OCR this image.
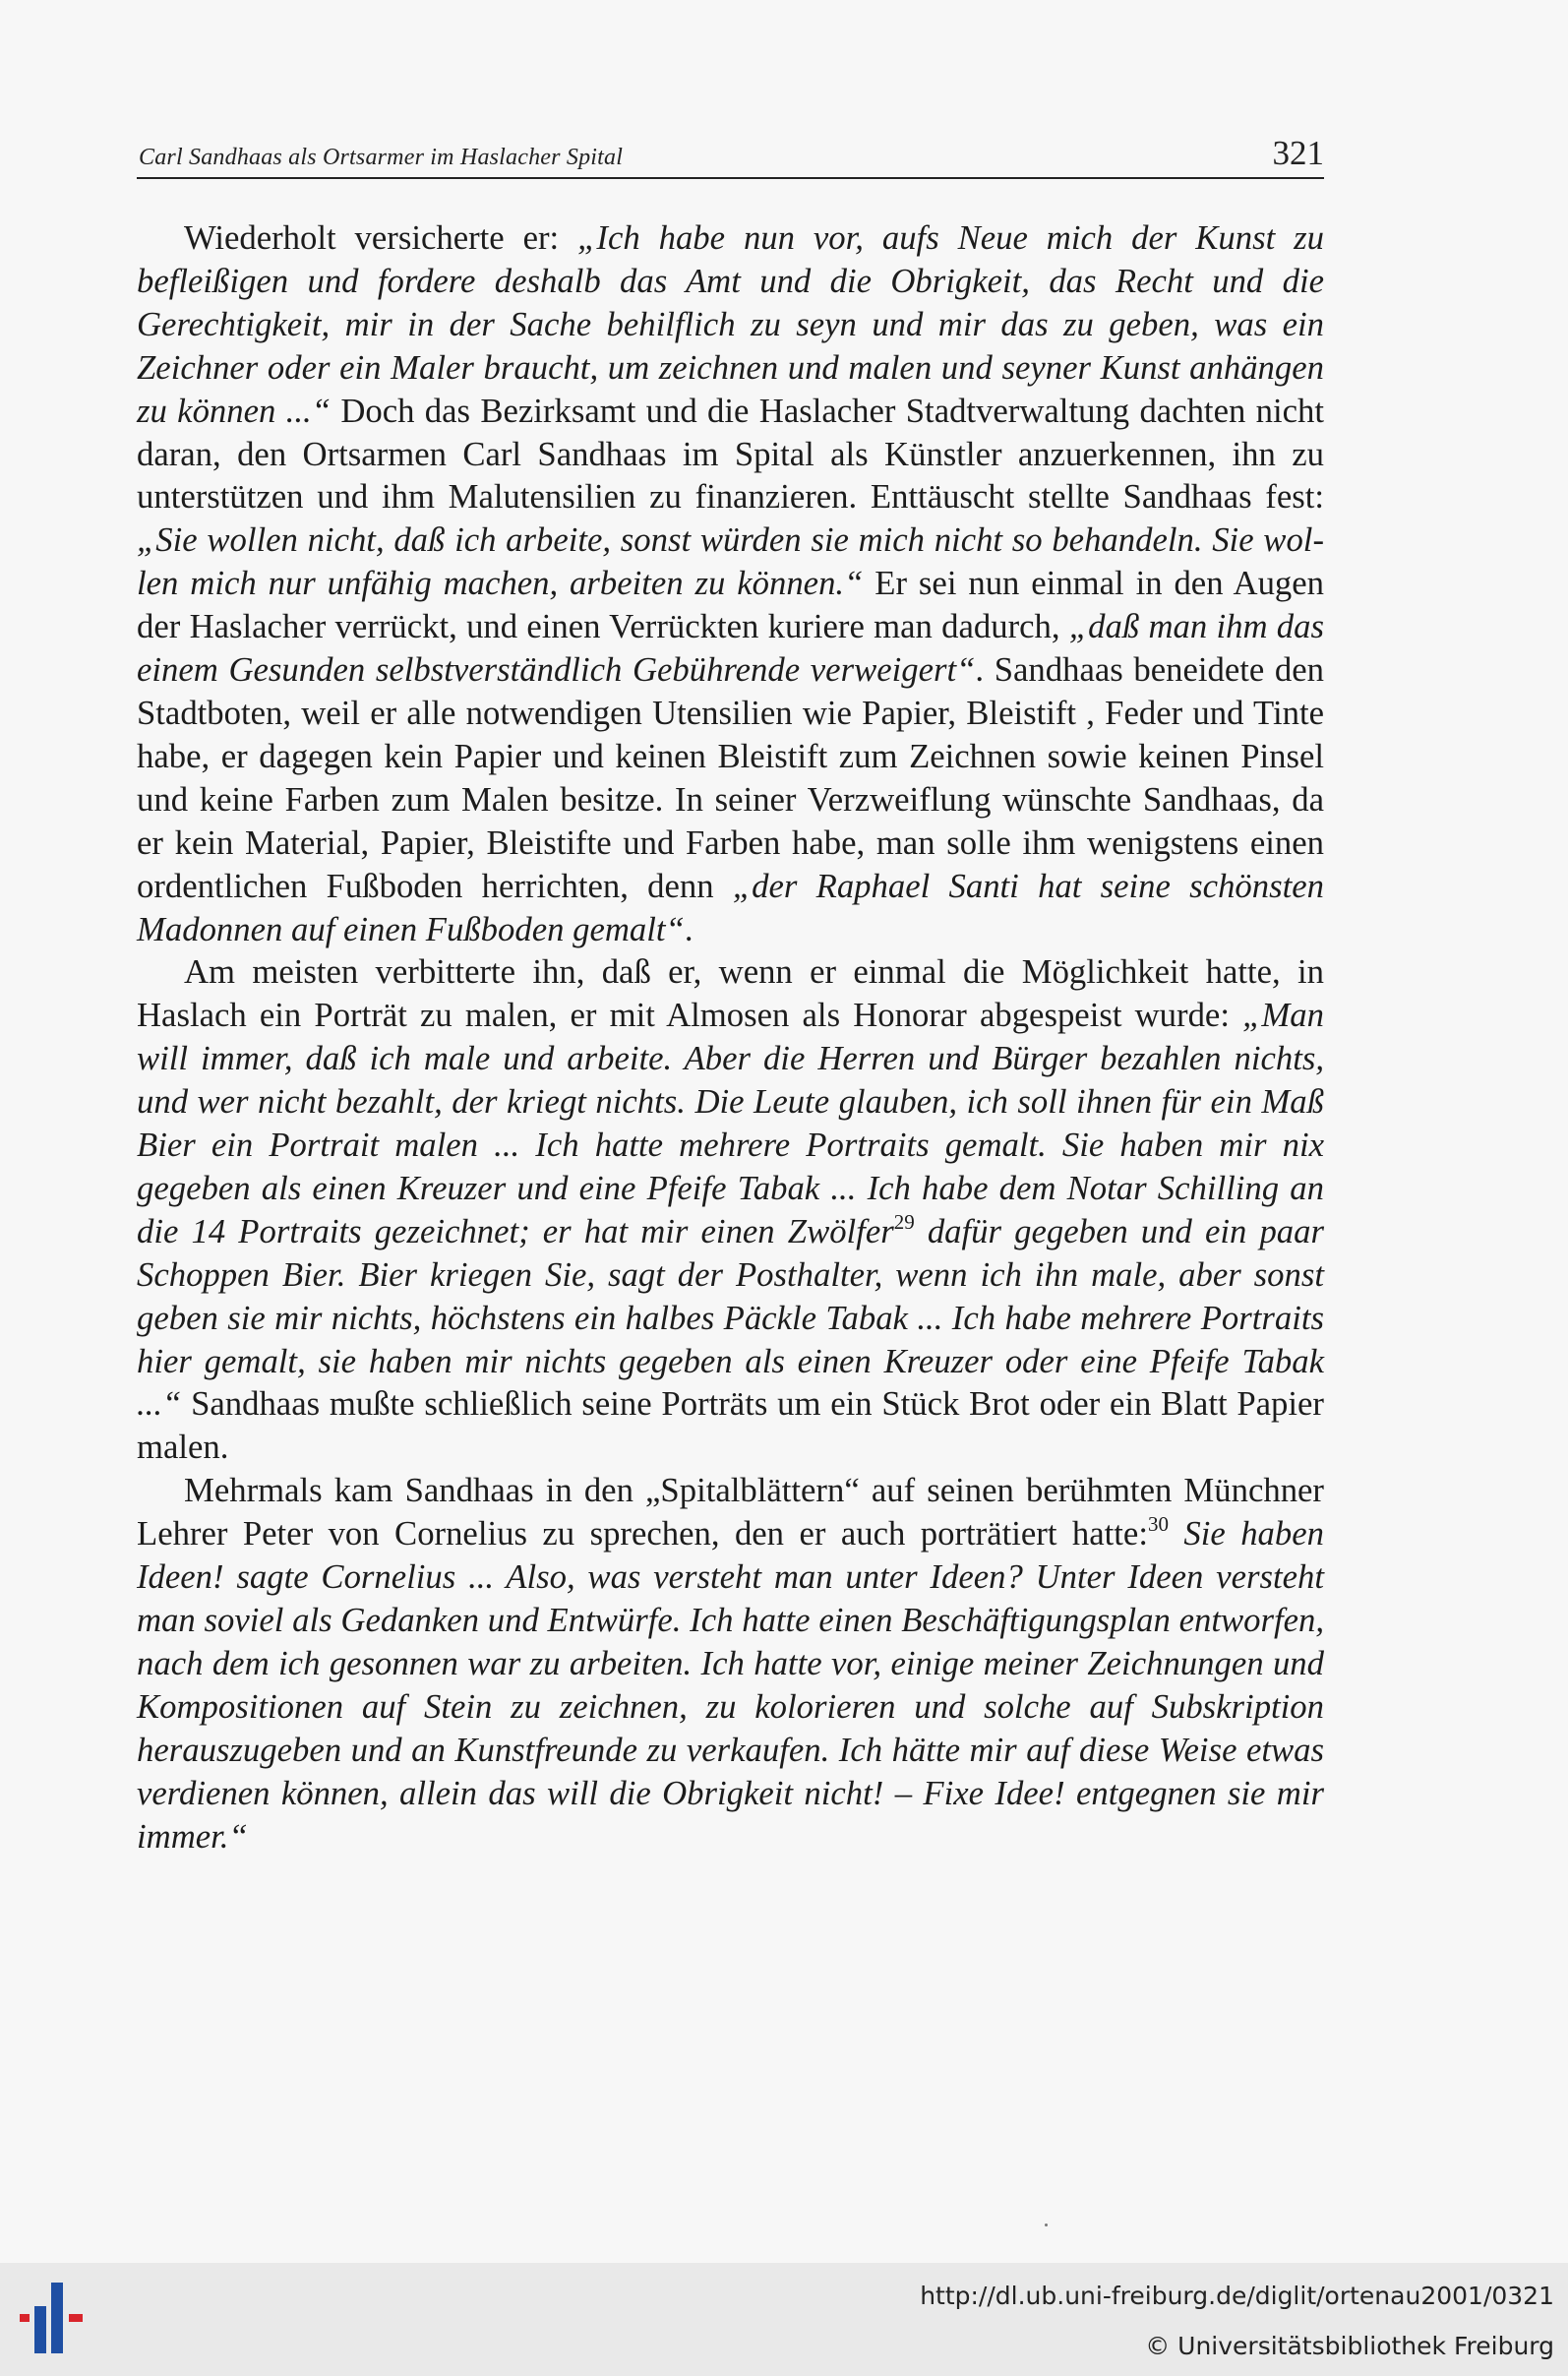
Carl Sandhaas als Ortsarmer im Haslacher Spital	321

Wiederholt versicherte er: „Ich habe nun vor, aufs Neue mich der Kunst zu befleißigen und fordere deshalb das Amt und die Obrigkeit, das Recht und die Gerechtigkeit, mir in der Sache behilflich zu seyn und mir das zu geben, was ein Zeichner oder ein Maler braucht, um zeichnen und malen und seyner Kunst anhängen zu können ...“ Doch das Bezirksamt und die Haslacher Stadtverwaltung dachten nicht daran, den Ortsarmen Carl Sandhaas im Spital als Künstler anzuerkennen, ihn zu unterstützen und ihm Malutensilien zu finanzieren. Enttäuscht stellte Sandhaas fest: „Sie wollen nicht, daß ich arbeite, sonst würden sie mich nicht so behandeln. Sie wollen mich nur unfähig machen, arbeiten zu können.“ Er sei nun einmal in den Augen der Haslacher verrückt, und einen Verrückten kuriere man dadurch, „daß man ihm das einem Gesunden selbstverständlich Gebührende verweigert“. Sandhaas beneidete den Stadtboten, weil er alle notwendigen Utensilien wie Papier, Bleistift , Feder und Tinte habe, er dagegen kein Papier und keinen Bleistift zum Zeichnen sowie keinen Pinsel und keine Farben zum Malen besitze. In seiner Verzweiflung wünschte Sandhaas, da er kein Material, Papier, Bleistifte und Farben habe, man solle ihm wenigstens einen ordentlichen Fußboden herrichten, denn „der Raphael Santi hat seine schönsten Madonnen auf einen Fußboden gemalt“.

Am meisten verbitterte ihn, daß er, wenn er einmal die Möglichkeit hatte, in Haslach ein Porträt zu malen, er mit Almosen als Honorar abgespeist wurde: „Man will immer, daß ich male und arbeite. Aber die Herren und Bürger bezahlen nichts, und wer nicht bezahlt, der kriegt nichts. Die Leute glauben, ich soll ihnen für ein Maß Bier ein Portrait malen ... Ich hatte mehrere Portraits gemalt. Sie haben mir nix gegeben als einen Kreuzer und eine Pfeife Tabak ... Ich habe dem Notar Schilling an die 14 Portraits gezeichnet; er hat mir einen Zwölfer$^{29}$ dafür gegeben und ein paar Schoppen Bier. Bier kriegen Sie, sagt der Posthalter, wenn ich ihn male, aber sonst geben sie mir nichts, höchstens ein halbes Päckle Tabak ... Ich habe mehrere Portraits hier gemalt, sie haben mir nichts gegeben als einen Kreuzer oder eine Pfeife Tabak ...“ Sandhaas mußte schließlich seine Porträts um ein Stück Brot oder ein Blatt Papier malen.

Mehrmals kam Sandhaas in den „Spitalblättern“ auf seinen berühmten Münchner Lehrer Peter von Cornelius zu sprechen, den er auch porträtiert hatte:$^{30}$ Sie haben Ideen! sagte Cornelius ... Also, was versteht man unter Ideen? Unter Ideen versteht man soviel als Gedanken und Entwürfe. Ich hatte einen Beschäftigungsplan entworfen, nach dem ich gesonnen war zu arbeiten. Ich hatte vor, einige meiner Zeichnungen und Kompositionen auf Stein zu zeichnen, zu kolorieren und solche auf Subskription herauszugeben und an Kunstfreunde zu verkaufen. Ich hätte mir auf diese Weise etwas verdienen können, allein das will die Obrigkeit nicht! – Fixe Idee! entgegnen sie mir immer.“

http://dl.ub.uni-freiburg.de/diglit/ortenau2001/0321
© Universitätsbibliothek Freiburg
